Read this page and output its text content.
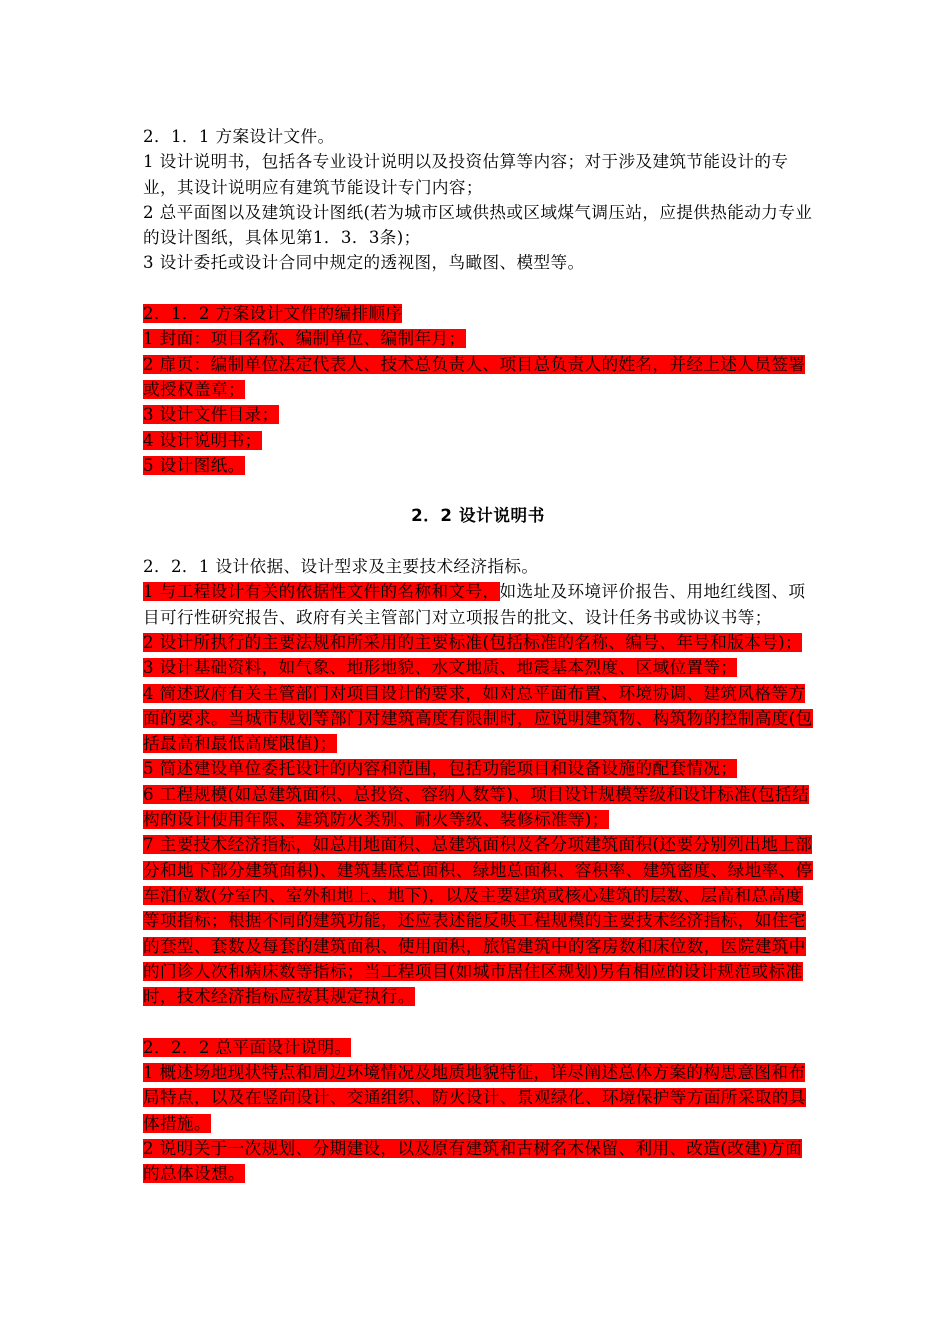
2．1．1 方案设计文件。

1 设计说明书，包括各专业设计说明以及投资估算等内容；对于涉及建筑节能设计的专业，其设计说明应有建筑节能设计专门内容；

2 总平面图以及建筑设计图纸(若为城市区域供热或区域煤气调压站，应提供热能动力专业的设计图纸，具体见第1．3．3条)；

3 设计委托或设计合同中规定的透视图，鸟瞰图、模型等。

2．1．2 方案设计文件的编排顺序

1 封面：项目名称、编制单位、编制年月；

2 扉页：编制单位法定代表人、技术总负责人、项目总负责人的姓名，并经上述人员签署或授权盖章；

3 设计文件目录；

4 设计说明书；

5 设计图纸。

2．2 设计说明书

2．2．1 设计依据、设计型求及主要技术经济指标。

1 与工程设计有关的依据性文件的名称和文号，如选址及环境评价报告、用地红线图、项目可行性研究报告、政府有关主管部门对立项报告的批文、设计任务书或协议书等；

2 设计所执行的主要法规和所采用的主要标准(包括标准的名称、编号、年号和版本号)；

3 设计基础资料，如气象、地形地貌、水文地质、地震基本烈度、区域位置等；

4 简述政府有关主管部门对项目设计的要求，如对总平面布置、环境协调、建筑风格等方面的要求。当城市规划等部门对建筑高度有限制时，应说明建筑物、构筑物的控制高度(包括最高和最低高度限值)；

5 简述建设单位委托设计的内容和范围，包括功能项目和设备设施的配套情况；

6 工程规模(如总建筑面积、总投资、容纳人数等)、项目设计规模等级和设计标准(包括结构的设计使用年限、建筑防火类别、耐火等级、装修标准等)；

7 主要技术经济指标，如总用地面积、总建筑面积及各分项建筑面积(还要分别列出地上部分和地下部分建筑面积)、建筑基底总面积、绿地总面积、容积率、建筑密度、绿地率、停车泊位数(分室内、室外和地上、地下)，以及主要建筑或核心建筑的层数、层高和总高度等项指标；根据不同的建筑功能，还应表述能反映工程规模的主要技术经济指标，如住宅的套型、套数及每套的建筑面积、使用面积，旅馆建筑中的客房数和床位数，医院建筑中的门诊人次和病床数等指标；当工程项目(如城市居住区规划)另有相应的设计规范或标准时，技术经济指标应按其规定执行。

2．2．2 总平面设计说明。

1 概述场地现状特点和周边环境情况及地质地貌特征，详尽阐述总体方案的构思意图和布局特点，以及在竖向设计、交通组织、防火设计、景观绿化、环境保护等方面所采取的具体措施。

2 说明关于一次规划、分期建设，以及原有建筑和古树名木保留、利用、改造(改建)方面的总体设想。
